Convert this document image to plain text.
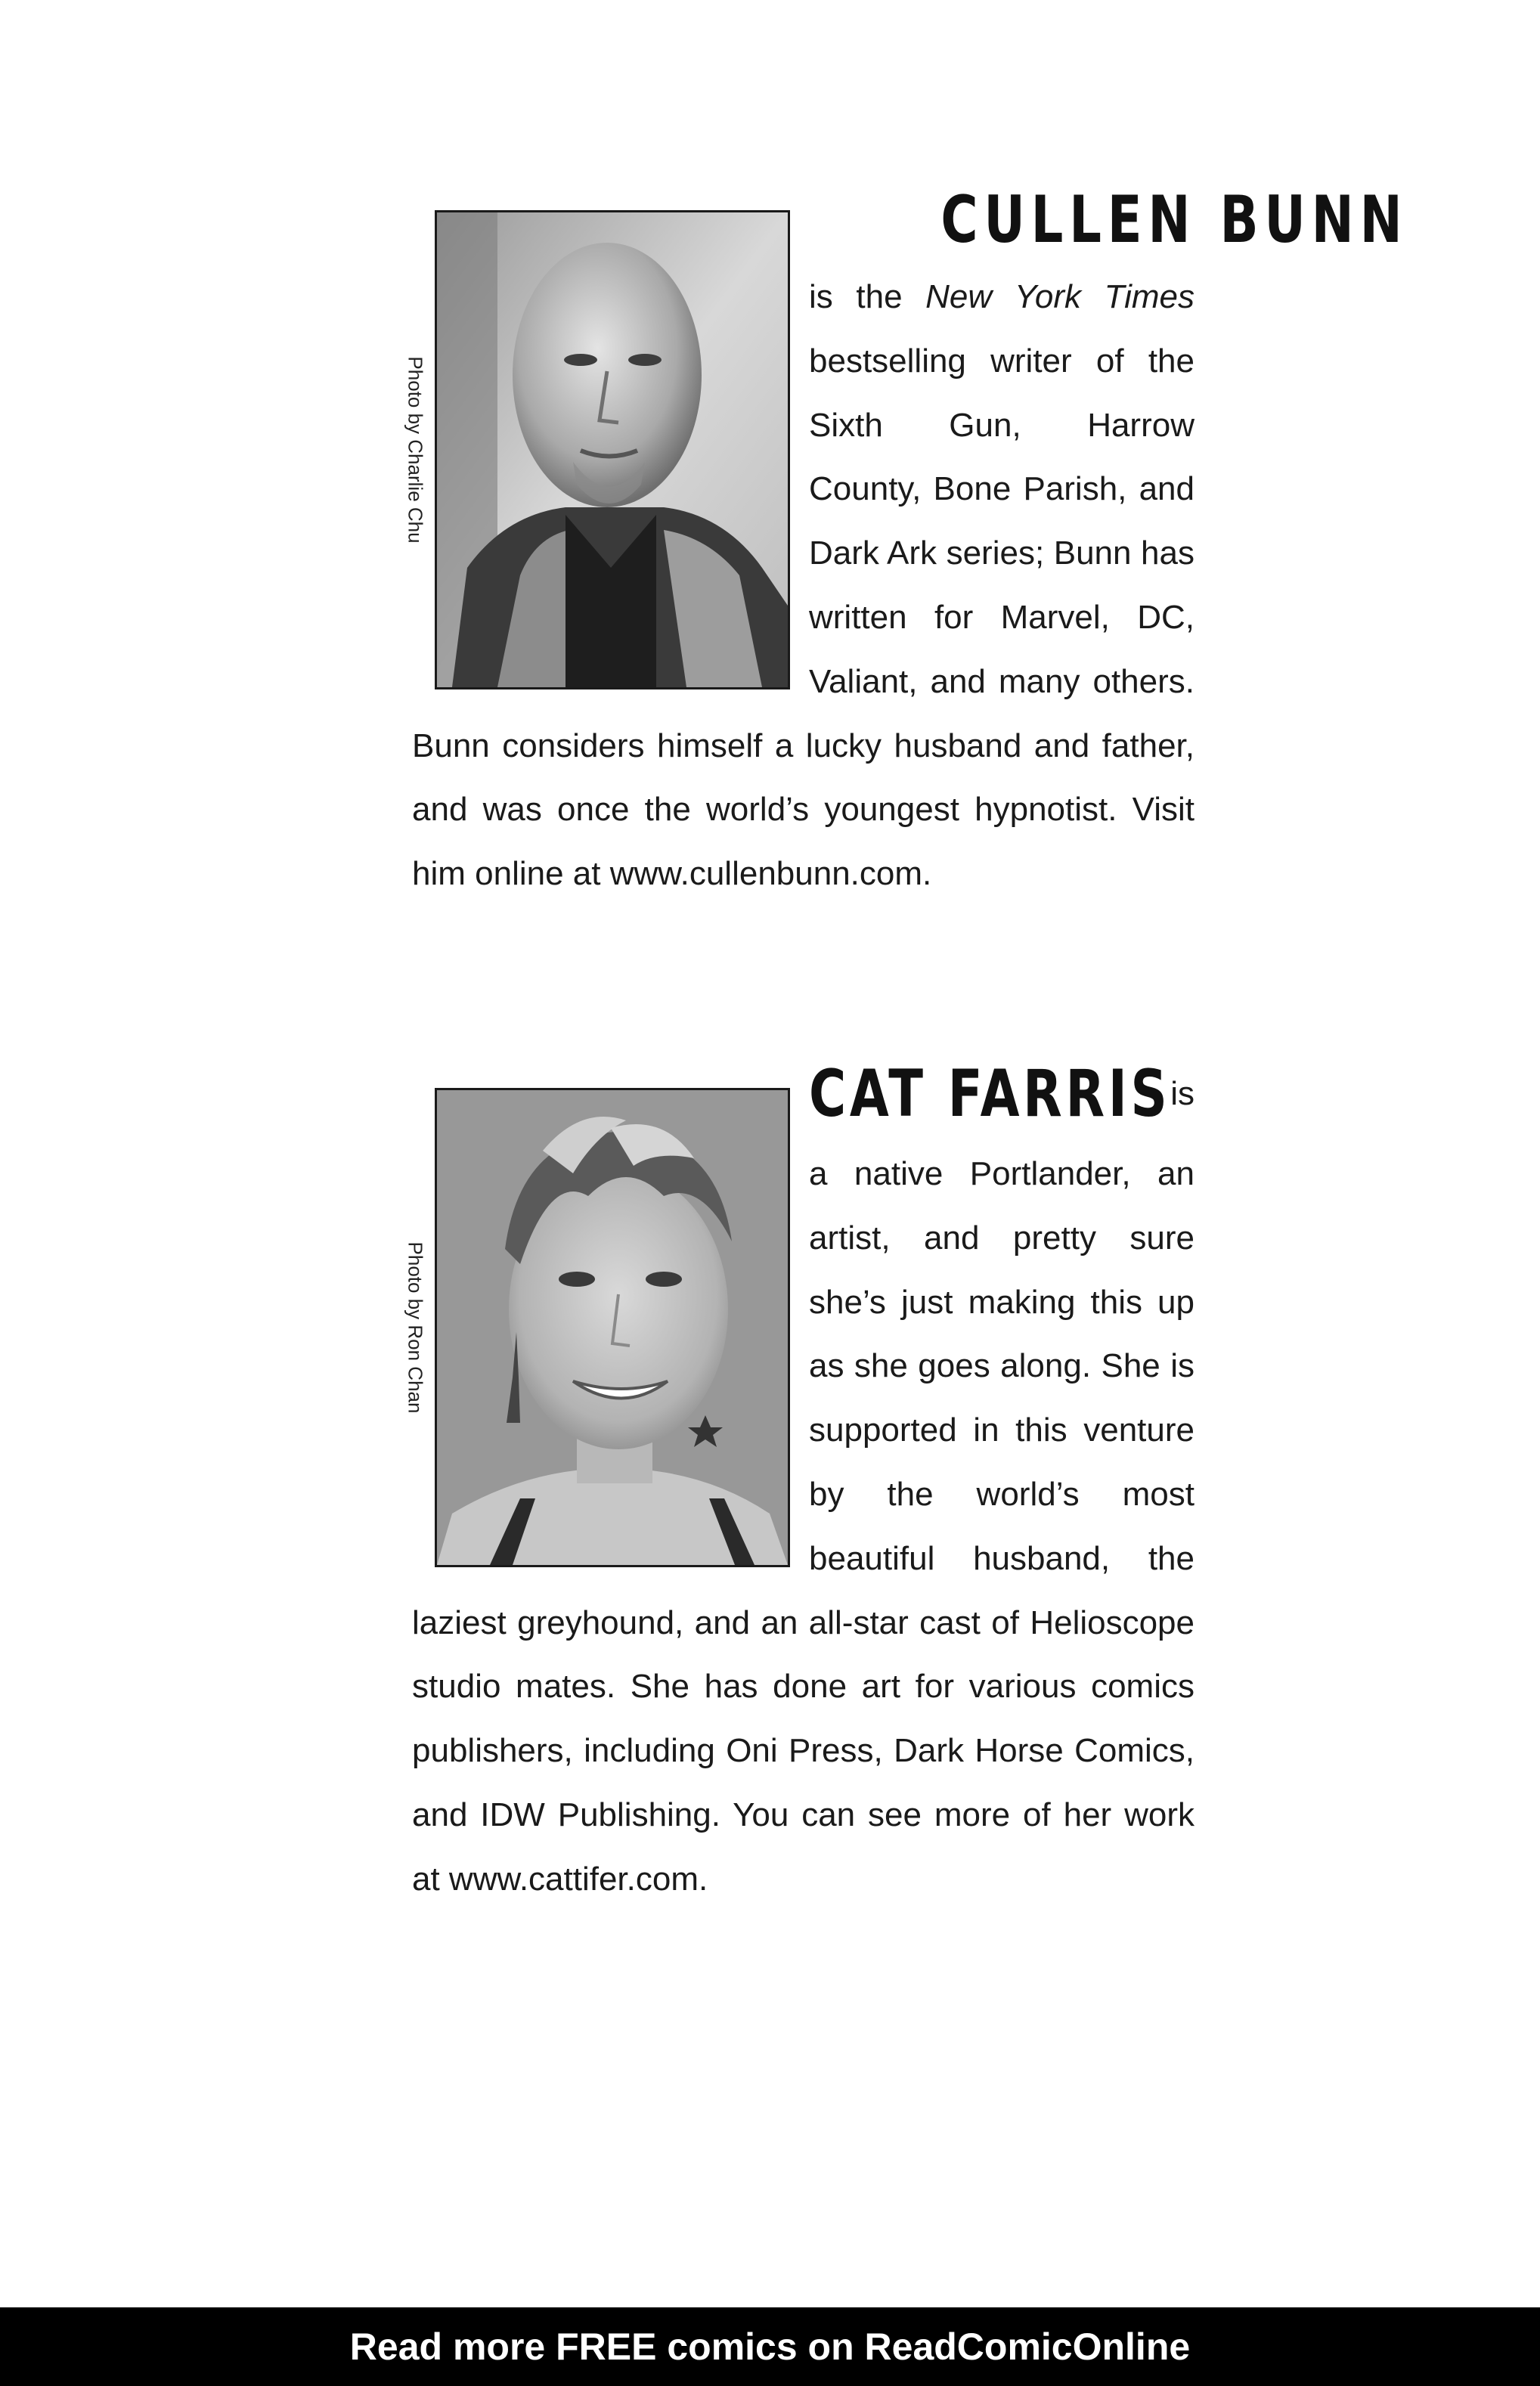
Photo by Charlie Chu
CULLEN BUNN
is the New York Times bestselling writer of the Sixth Gun, Harrow County, Bone Parish, and Dark Ark series; Bunn has written for Marvel, DC, Valiant, and many others. Bunn considers himself a lucky husband and father, and was once the world’s youngest hypnotist. Visit him online at www.cullenbunn.com.
Photo by Ron Chan
CAT FARRIS is
a native Portlander, an artist, and pretty sure she’s just making this up as she goes along. She is supported in this venture by the world’s most beautiful husband, the laziest greyhound, and an all-star cast of Helioscope studio mates. She has done art for various comics publishers, including Oni Press, Dark Horse Comics, and IDW Publishing. You can see more of her work at www.cattifer.com.
Read more FREE comics on ReadComicOnline
